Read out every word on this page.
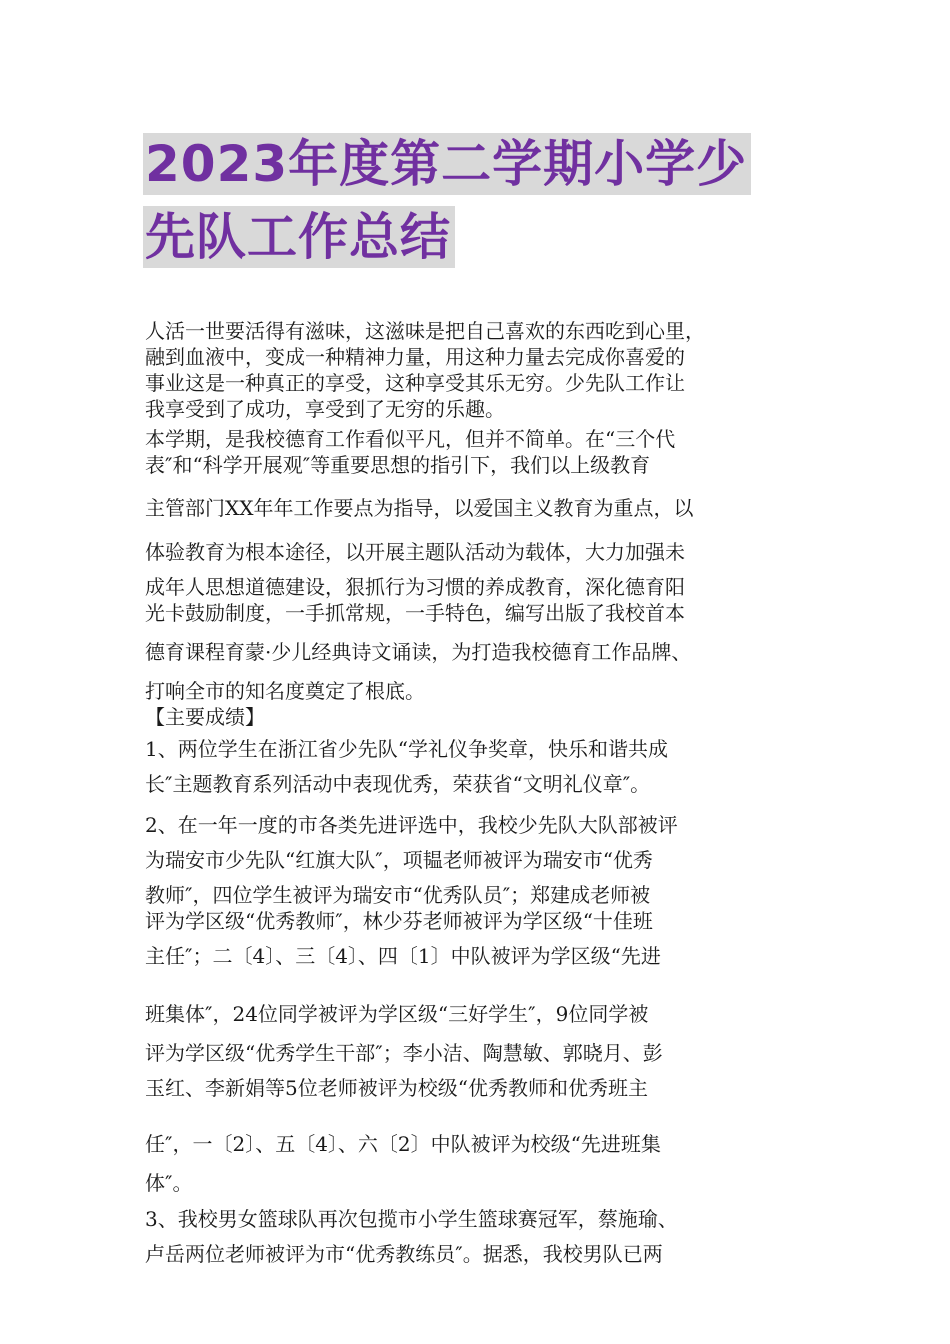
2023年度第二学期小学少
先队工作总结
人活一世要活得有滋味，这滋味是把自己喜欢的东西吃到心里，
融到血液中，变成一种精神力量，用这种力量去完成你喜爱的
事业这是一种真正的享受，这种享受其乐无穷。少先队工作让
我享受到了成功，享受到了无穷的乐趣。
本学期，是我校德育工作看似平凡，但并不简单。在“三个代
表″和“科学开展观″等重要思想的指引下，我们以上级教育
主管部门XX年年工作要点为指导，以爱国主义教育为重点，以
体验教育为根本途径，以开展主题队活动为载体，大力加强未
成年人思想道德建设，狠抓行为习惯的养成教育，深化德育阳
光卡鼓励制度，一手抓常规，一手特色，编写出版了我校首本
德育课程育蒙·少儿经典诗文诵读，为打造我校德育工作品牌、
打响全市的知名度奠定了根底。
【主要成绩】
1、两位学生在浙江省少先队“学礼仪争奖章，快乐和谐共成
长″主题教育系列活动中表现优秀，荣获省“文明礼仪章″。
2、在一年一度的市各类先进评选中，我校少先队大队部被评
为瑞安市少先队“红旗大队″，项韫老师被评为瑞安市“优秀
教师″，四位学生被评为瑞安市“优秀队员″；郑建成老师被
评为学区级“优秀教师″，林少芬老师被评为学区级“十佳班
主任″；二〔4〕、三〔4〕、四〔1〕中队被评为学区级“先进
班集体″，24位同学被评为学区级“三好学生″，9位同学被
评为学区级“优秀学生干部″；李小洁、陶慧敏、郭晓月、彭
玉红、李新娟等5位老师被评为校级“优秀教师和优秀班主
任″，一〔2〕、五〔4〕、六〔2〕中队被评为校级“先进班集
体″。
3、我校男女篮球队再次包揽市小学生篮球赛冠军，蔡施瑜、
卢岳两位老师被评为市“优秀教练员″。据悉，我校男队已两
